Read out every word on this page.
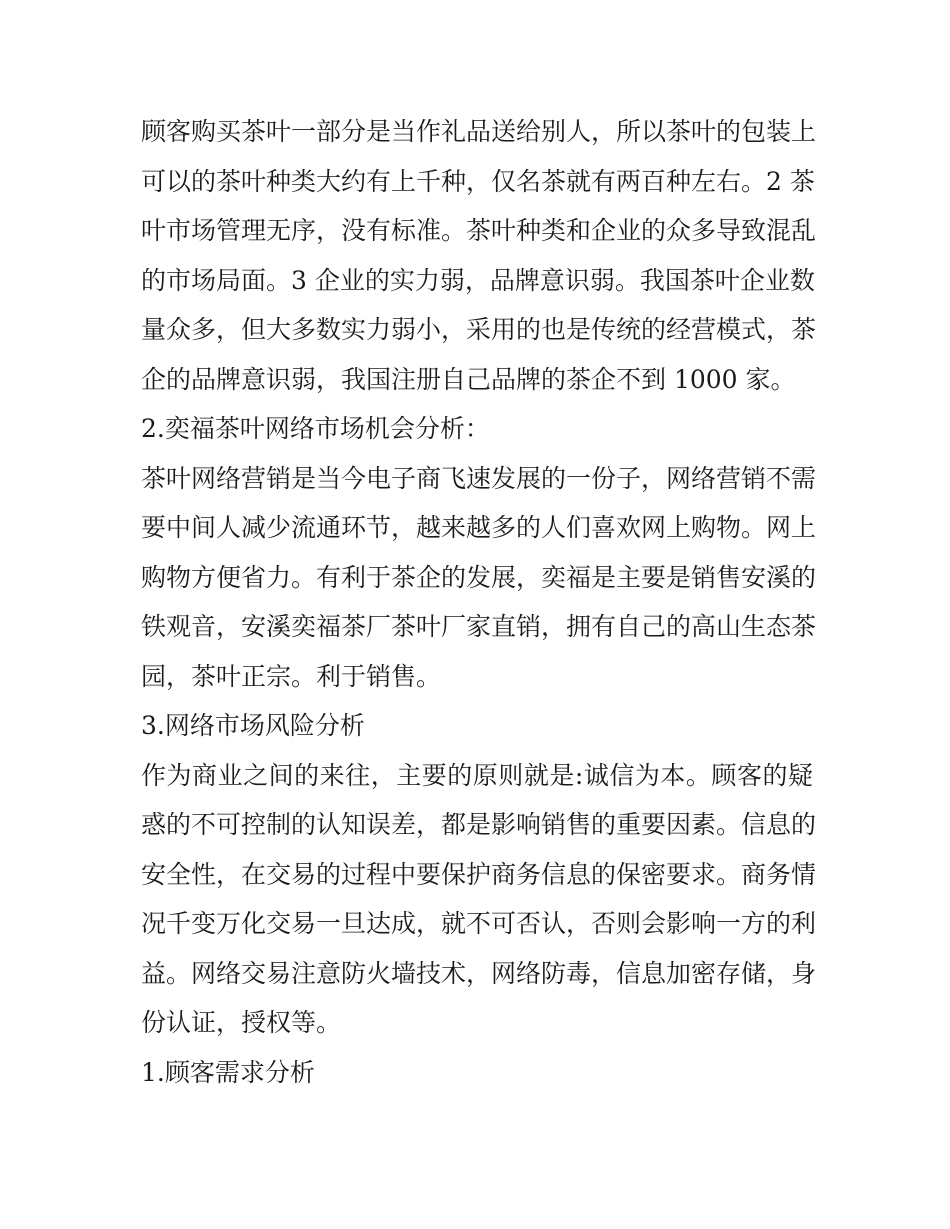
顾客购买茶叶一部分是当作礼品送给别人，所以茶叶的包装上
可以的茶叶种类大约有上千种，仅名茶就有两百种左右。2 茶
叶市场管理无序，没有标准。茶叶种类和企业的众多导致混乱
的市场局面。3 企业的实力弱，品牌意识弱。我国茶叶企业数
量众多，但大多数实力弱小，采用的也是传统的经营模式，茶
企的品牌意识弱，我国注册自己品牌的茶企不到 1000 家。
2.奕福茶叶网络市场机会分析：
茶叶网络营销是当今电子商飞速发展的一份子，网络营销不需
要中间人减少流通环节，越来越多的人们喜欢网上购物。网上
购物方便省力。有利于茶企的发展，奕福是主要是销售安溪的
铁观音，安溪奕福茶厂茶叶厂家直销，拥有自己的高山生态茶
园，茶叶正宗。利于销售。
3.网络市场风险分析
作为商业之间的来往，主要的原则就是:诚信为本。顾客的疑
惑的不可控制的认知误差，都是影响销售的重要因素。信息的
安全性，在交易的过程中要保护商务信息的保密要求。商务情
况千变万化交易一旦达成，就不可否认，否则会影响一方的利
益。网络交易注意防火墙技术，网络防毒，信息加密存储，身
份认证，授权等。
1.顾客需求分析
